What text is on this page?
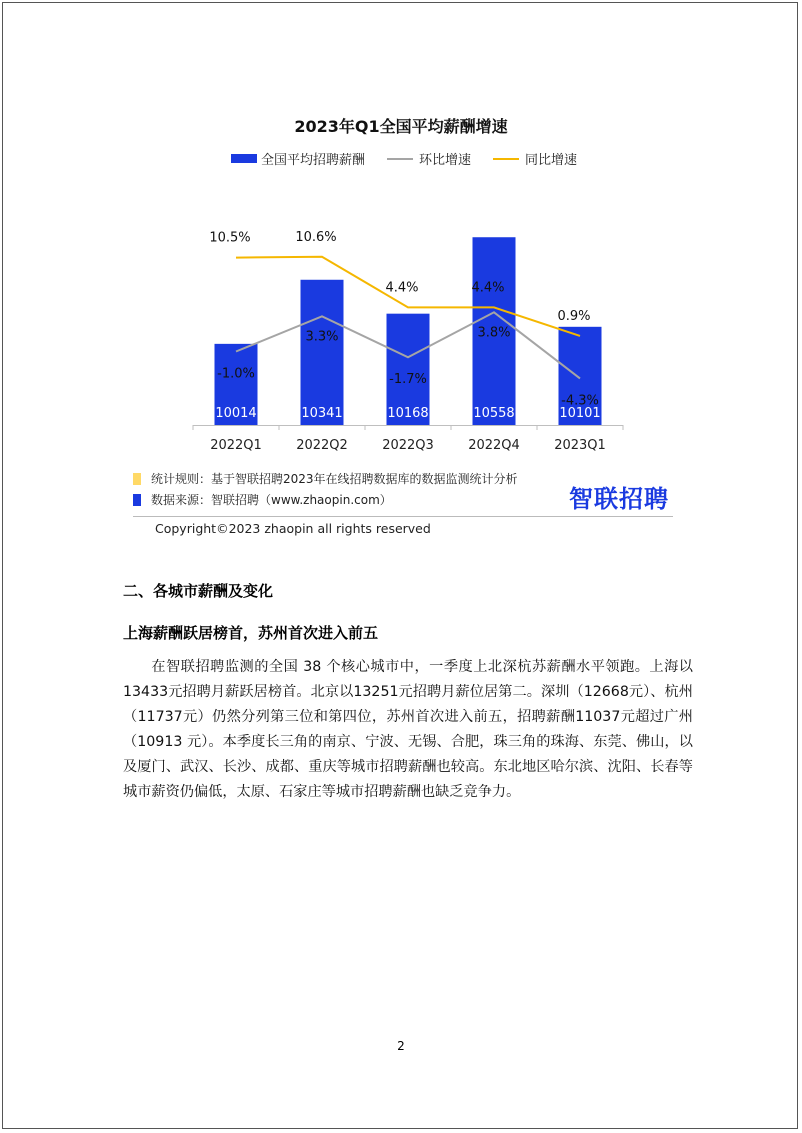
2023年Q1全国平均薪酬增速
全国平均招聘薪酬	环比增速	同比增速
10014	10341	10168	10558	10101
2022Q1	2022Q2	2022Q3	2022Q4	2023Q1
-1.0%
3.3%
-1.7%
3.8%
-4.3%
10.5%	10.6%
4.4%	4.4%
0.9%
统计规则：基于智联招聘2023年在线招聘数据库的数据监测统计分析
数据来源：智联招聘（www.zhaopin.com）	智联招聘
Copyright©2023 zhaopin all rights reserved
二、各城市薪酬及变化
上海薪酬跃居榜首，苏州首次进入前五
在智联招聘监测的全国 38 个核心城市中，一季度上北深杭苏薪酬水平领跑。上海以13433元招聘月薪跃居榜首。北京以13251元招聘月薪位居第二。深圳（12668元）、杭州（11737元）仍然分列第三位和第四位，苏州首次进入前五，招聘薪酬11037元超过广州（10913 元）。本季度长三角的南京、宁波、无锡、合肥，珠三角的珠海、东莞、佛山，以及厦门、武汉、长沙、成都、重庆等城市招聘薪酬也较高。东北地区哈尔滨、沈阳、长春等城市薪资仍偏低，太原、石家庄等城市招聘薪酬也缺乏竞争力。
2
